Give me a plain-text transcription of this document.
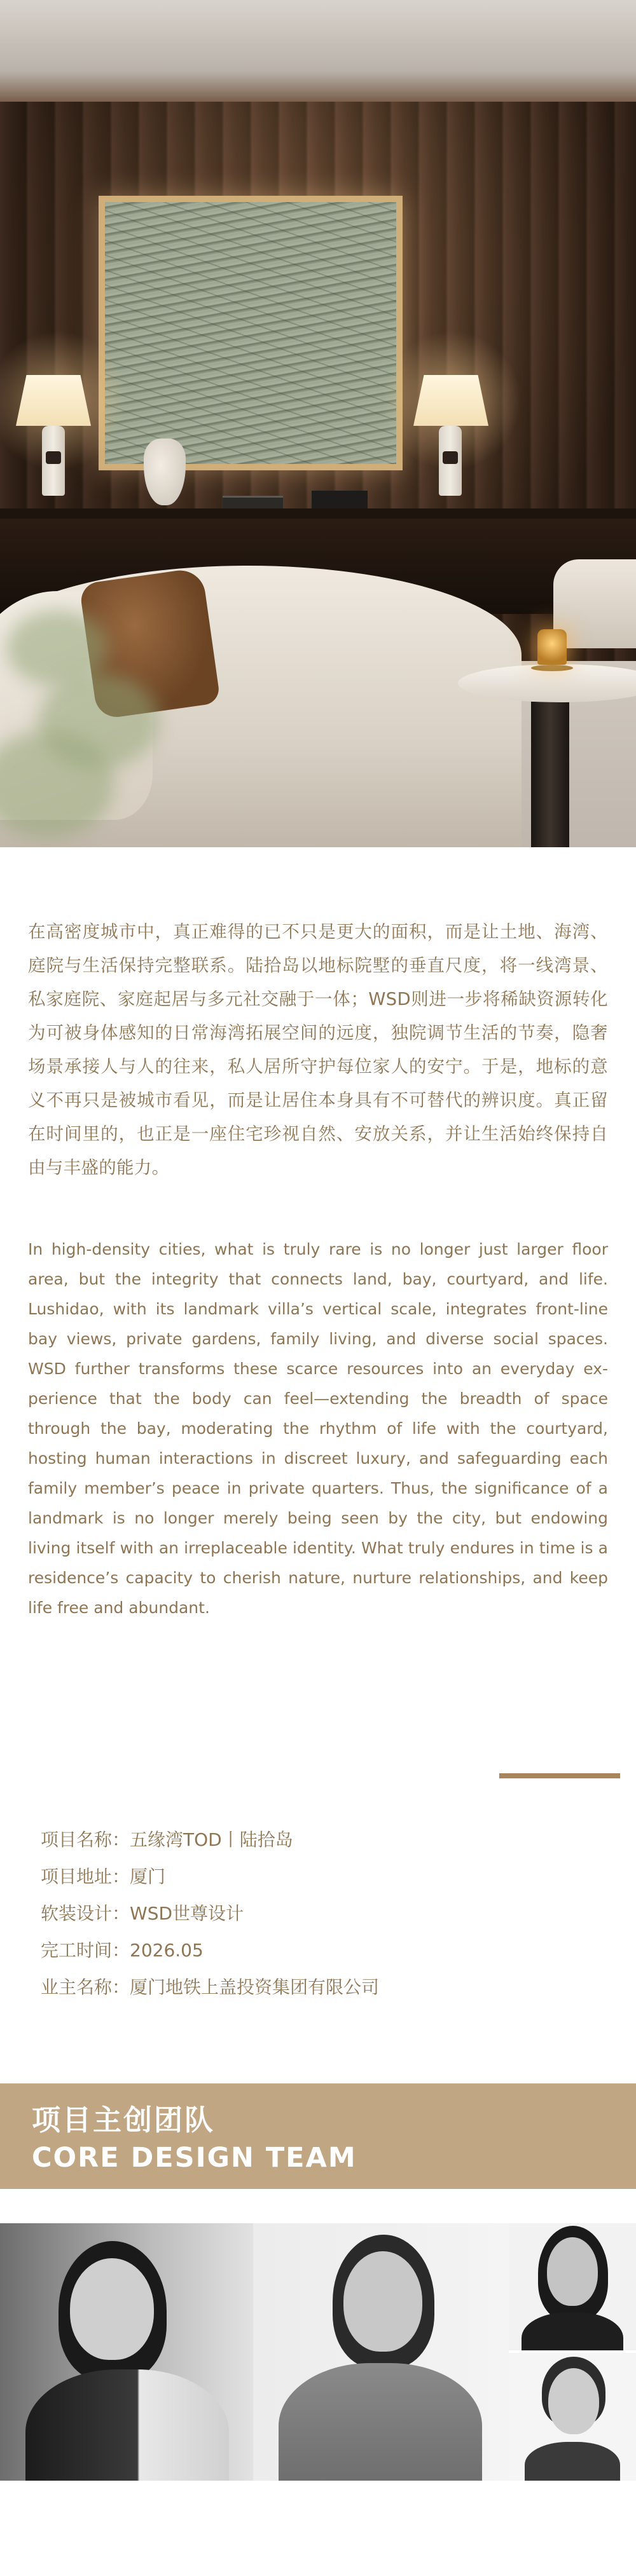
在高密度城市中，真正难得的已不只是更大的面积，而是让土地、海湾、庭院与生活保持完整联系。陆拾岛以地标院墅的垂直尺度，将一线湾景、私家庭院、家庭起居与多元社交融于一体；WSD则进一步将稀缺资源转化为可被身体感知的日常海湾拓展空间的远度，独院调节生活的节奏，隐奢场景承接人与人的往来，私人居所守护每位家人的安宁。于是，地标的意义不再只是被城市看见，而是让居住本身具有不可替代的辨识度。真正留在时间里的，也正是一座住宅珍视自然、安放关系，并让生活始终保持自由与丰盛的能力。

In high-density cities, what is truly rare is no longer just larger floor area, but the integrity that connects land, bay, courtyard, and life. Lushidao, with its landmark villa’s vertical scale, integrates front-line bay views, private gardens, family living, and diverse social spaces. WSD further transforms these scarce resources into an everyday ex-perience that the body can feel—extending the breadth of space through the bay, moderating the rhythm of life with the courtyard, hosting human interactions in discreet luxury, and safeguarding each family member’s peace in private quarters. Thus, the significance of a landmark is no longer merely being seen by the city, but endowing living itself with an irreplaceable identity. What truly endures in time is a residence’s capacity to cherish nature, nurture relationships, and keep life free and abundant.

项目名称：五缘湾TOD丨陆拾岛
项目地址：厦门
软装设计：WSD世尊设计
完工时间：2026.05
业主名称：厦门地铁上盖投资集团有限公司
项目主创团队
CORE DESIGN TEAM
